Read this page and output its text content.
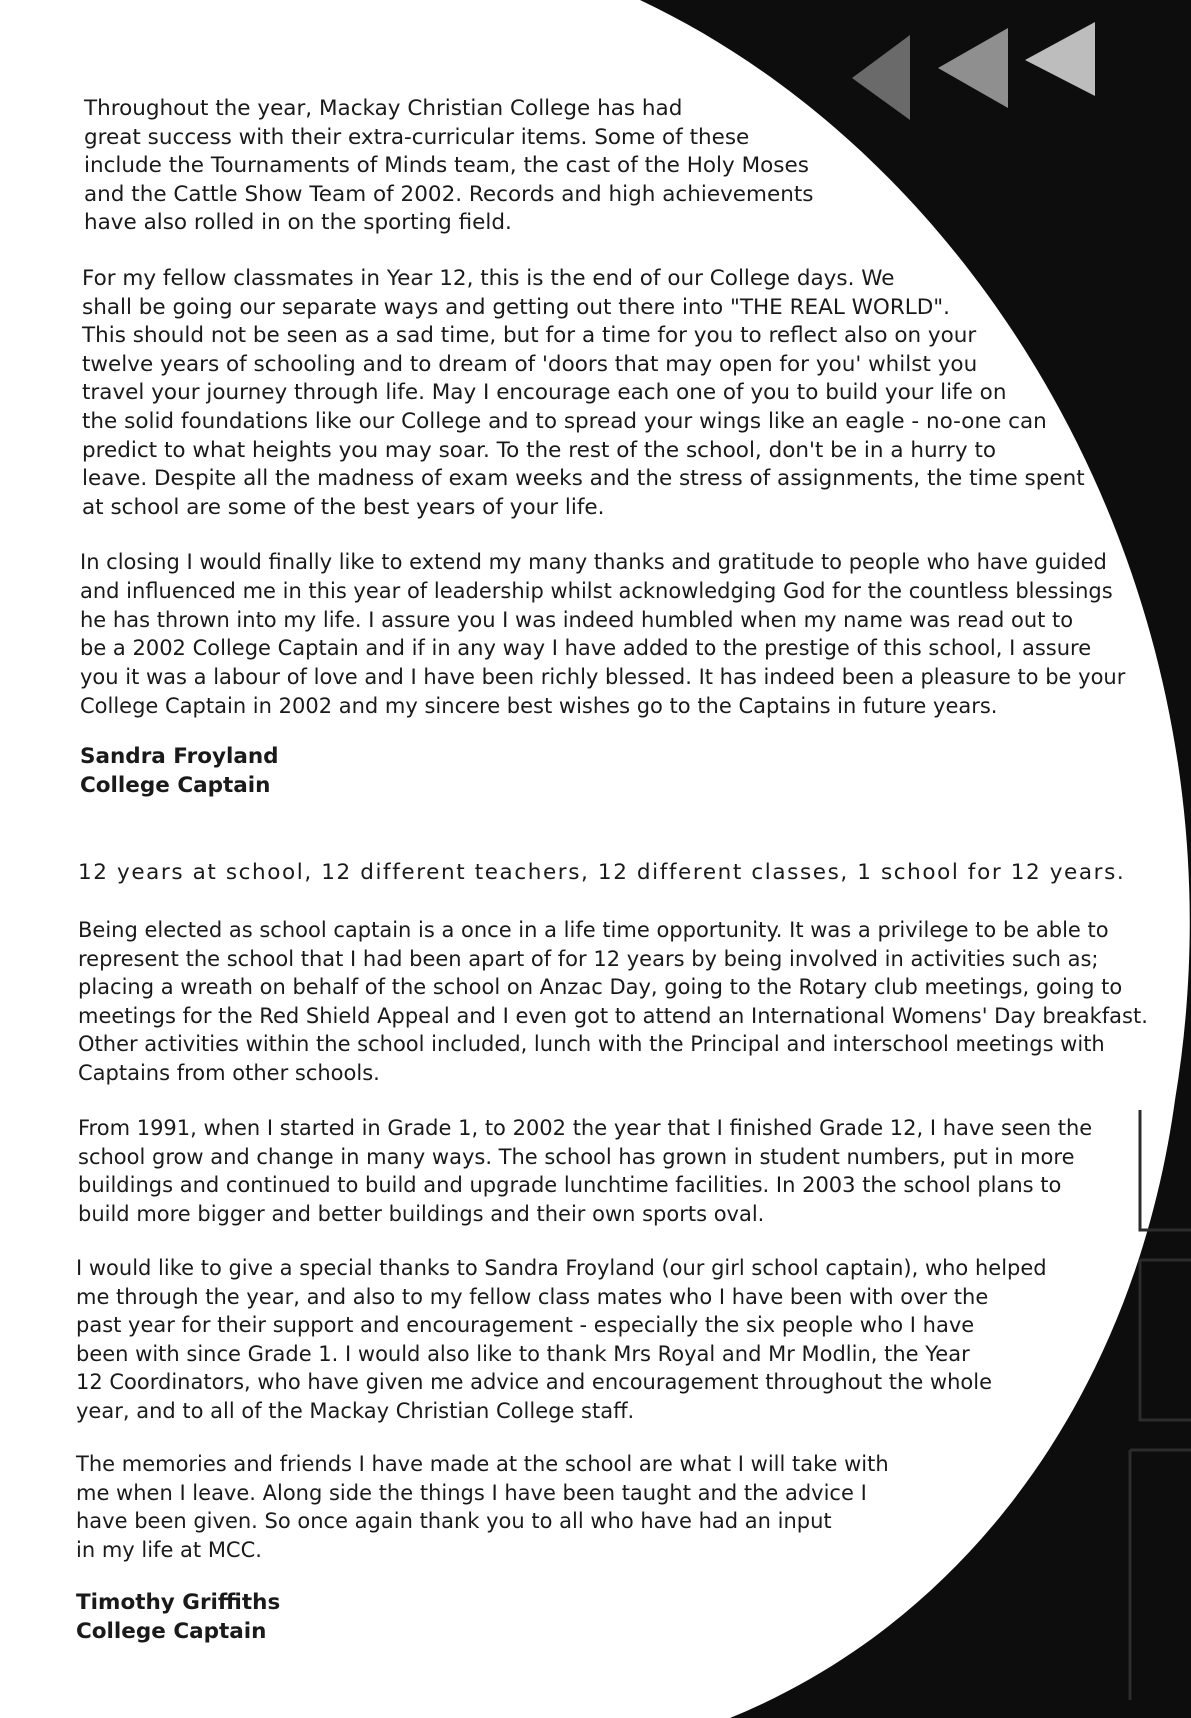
Throughout the year, Mackay Christian College has had
great success with their extra-curricular items. Some of these
include the Tournaments of Minds team, the cast of the Holy Moses
and the Cattle Show Team of 2002. Records and high achievements
have also rolled in on the sporting field.
For my fellow classmates in Year 12, this is the end of our College days. We
shall be going our separate ways and getting out there into "THE REAL WORLD".
This should not be seen as a sad time, but for a time for you to reflect also on your
twelve years of schooling and to dream of 'doors that may open for you' whilst you
travel your journey through life. May I encourage each one of you to build your life on
the solid foundations like our College and to spread your wings like an eagle - no-one can
predict to what heights you may soar. To the rest of the school, don't be in a hurry to
leave. Despite all the madness of exam weeks and the stress of assignments, the time spent
at school are some of the best years of your life.
In closing I would finally like to extend my many thanks and gratitude to people who have guided
and influenced me in this year of leadership whilst acknowledging God for the countless blessings
he has thrown into my life. I assure you I was indeed humbled when my name was read out to
be a 2002 College Captain and if in any way I have added to the prestige of this school, I assure
you it was a labour of love and I have been richly blessed. It has indeed been a pleasure to be your
College Captain in 2002 and my sincere best wishes go to the Captains in future years.
Sandra Froyland
College Captain
12 years at school, 12 different teachers, 12 different classes, 1 school for 12 years.
Being elected as school captain is a once in a life time opportunity. It was a privilege to be able to
represent the school that I had been apart of for 12 years by being involved in activities such as;
placing a wreath on behalf of the school on Anzac Day, going to the Rotary club meetings, going to
meetings for the Red Shield Appeal and I even got to attend an International Womens' Day breakfast.
Other activities within the school included, lunch with the Principal and interschool meetings with
Captains from other schools.
From 1991, when I started in Grade 1, to 2002 the year that I finished Grade 12, I have seen the
school grow and change in many ways. The school has grown in student numbers, put in more
buildings and continued to build and upgrade lunchtime facilities. In 2003 the school plans to
build more bigger and better buildings and their own sports oval.
I would like to give a special thanks to Sandra Froyland (our girl school captain), who helped
me through the year, and also to my fellow class mates who I have been with over the
past year for their support and encouragement - especially the six people who I have
been with since Grade 1. I would also like to thank Mrs Royal and Mr Modlin, the Year
12 Coordinators, who have given me advice and encouragement throughout the whole
year, and to all of the Mackay Christian College staff.
The memories and friends I have made at the school are what I will take with
me when I leave. Along side the things I have been taught and the advice I
have been given. So once again thank you to all who have had an input
in my life at MCC.
Timothy Griffiths
College Captain
